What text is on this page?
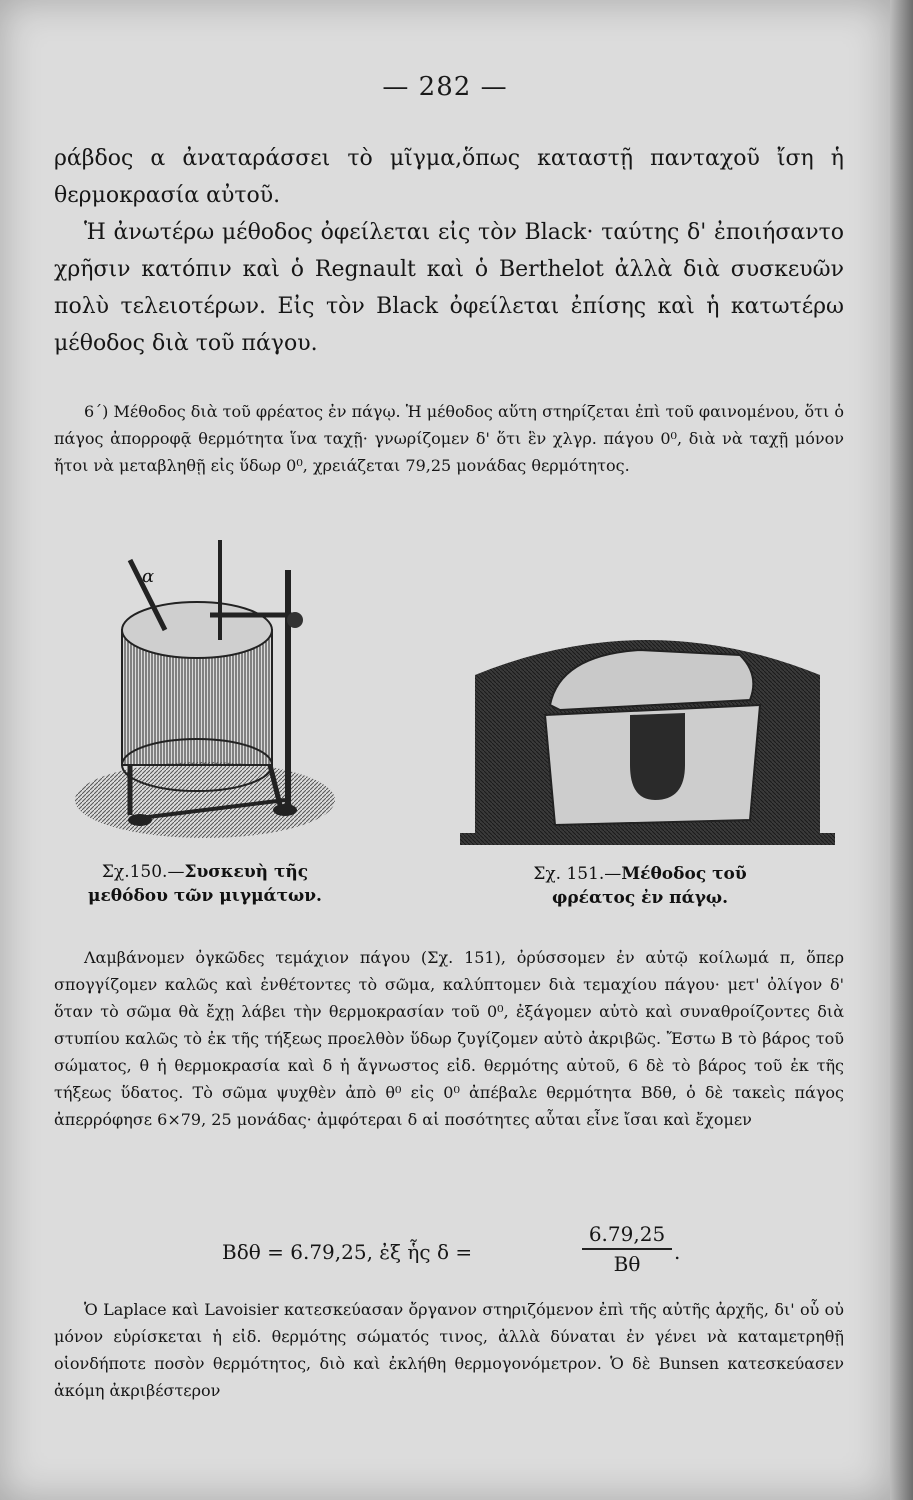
— 282 —

ράβδος α ἀναταράσσει τὸ μῖγμα,ὅπως καταστῇ πανταχοῦ ἴση ἡ θερμοκρασία αὐτοῦ.

Ἡ ἀνωτέρω μέθοδος ὀφείλεται εἰς τὸν Black· ταύτης δ' ἐποιήσαντο χρῆσιν κατόπιν καὶ ὁ Regnault καὶ ὁ Berthelot ἀλλὰ διὰ συσκευῶν πολὺ τελειοτέρων. Εἰς τὸν Black ὀφείλεται ἐπίσης καὶ ἡ κατωτέρω μέθοδος διὰ τοῦ πάγου.

6΄) Μέθοδος διὰ τοῦ φρέατος ἐν πάγῳ. Ἡ μέθοδος αὕτη στηρίζεται ἐπὶ τοῦ φαινομένου, ὅτι ὁ πάγος ἀπορροφᾷ θερμότητα ἵνα ταχῇ· γνωρίζομεν δ' ὅτι ἓν χλγρ. πάγου 0⁰, διὰ νὰ ταχῇ μόνον ἤτοι νὰ μεταβληθῇ εἰς ὕδωρ 0⁰, χρειάζεται 79,25 μονάδας θερμότητος.

α
Σχ.150.—Συσκευὴ τῆς μεθόδου τῶν μιγμάτων.
Σχ. 151.—Μέθοδος τοῦ φρέατος ἐν πάγῳ.

Λαμβάνομεν ὀγκῶδες τεμάχιον πάγου (Σχ. 151), ὀρύσσομεν ἐν αὐτῷ κοίλωμά π, ὅπερ σπογγίζομεν καλῶς καὶ ἐνθέτοντες τὸ σῶμα, καλύπτομεν διὰ τεμαχίου πάγου· μετ' ὀλίγον δ' ὅταν τὸ σῶμα θὰ ἔχῃ λάβει τὴν θερμοκρασίαν τοῦ 0⁰, ἐξάγομεν αὐτὸ καὶ συναθροίζοντες διὰ στυπίου καλῶς τὸ ἐκ τῆς τήξεως προελθὸν ὕδωρ ζυγίζομεν αὐτὸ ἀκριβῶς. Ἔστω Β τὸ βάρος τοῦ σώματος, θ ἡ θερμοκρασία καὶ δ ἡ ἄγνωστος εἰδ. θερμότης αὐτοῦ, 6 δὲ τὸ βάρος τοῦ ἐκ τῆς τήξεως ὕδατος. Τὸ σῶμα ψυχθὲν ἀπὸ θ⁰ εἰς 0⁰ ἀπέβαλε θερμότητα Βδθ, ὁ δὲ τακεὶς πάγος ἀπερρόφησε 6×79, 25 μονάδας· ἀμφότεραι δ αἱ ποσότητες αὗται εἶνε ἴσαι καὶ ἔχομεν

Βδθ = 6.79,25, ἐξ ἧς δ =	$\frac{6.79,25}{B\theta}$ .

Ὁ Laplace καὶ Lavoisier κατεσκεύασαν ὄργανον στηριζόμενον ἐπὶ τῆς αὐτῆς ἀρχῆς, δι' οὗ οὐ μόνον εὑρίσκεται ἡ εἰδ. θερμότης σώματός τινος, ἀλλὰ δύναται ἐν γένει νὰ καταμετρηθῇ οἱονδήποτε ποσὸν θερμότητος, διὸ καὶ ἐκλήθη θερμογονόμετρον. Ὁ δὲ Bunsen κατεσκεύασεν ἀκόμη ἀκριβέστερον
